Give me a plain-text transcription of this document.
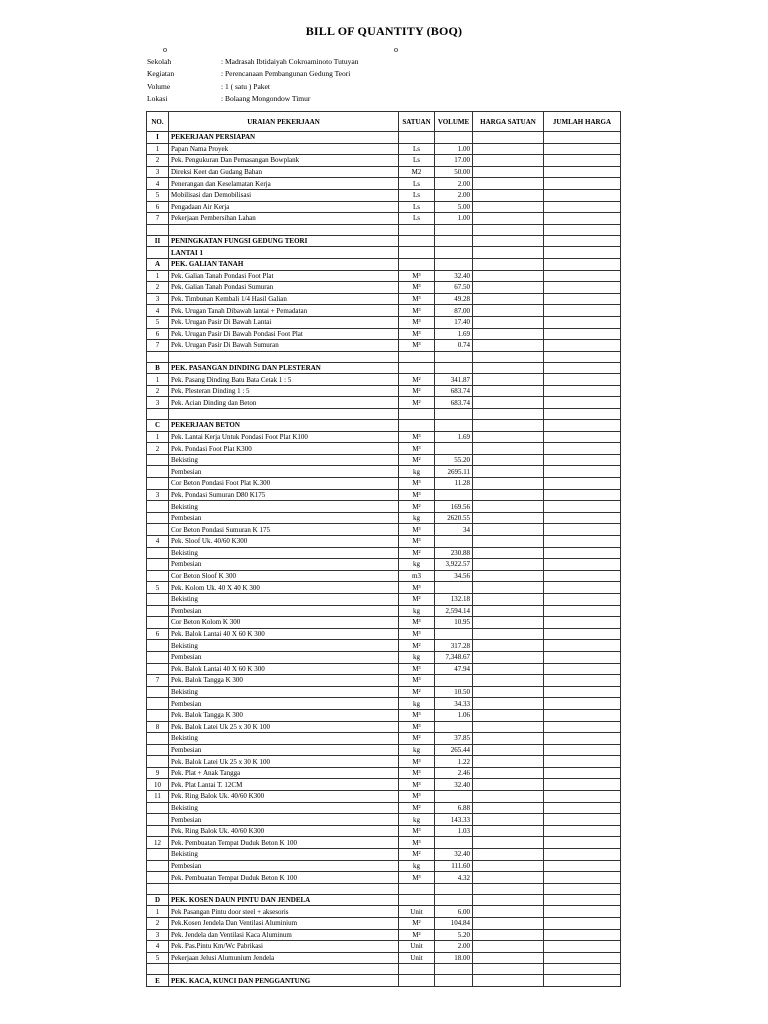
BILL OF QUANTITY (BOQ)
o	o
Sekolah	: Madrasah Ibtidaiyah Cokroaminoto Tutuyan
Kegiatan	: Perencanaan Pembangunan Gedung Teori
Volume	: 1 ( satu ) Paket
Lokasi	: Bolaang Mongondow Timur
NO.	URAIAN PEKERJAAN	SATUAN	VOLUME	HARGA SATUAN	JUMLAH HARGA
I	PEKERJAAN PERSIAPAN				
1	Papan Nama Proyek	Ls	1.00		
2	Pek. Pengukuran Dan Pemasangan Bowplank	Ls	17.00		
3	Direksi Keet dan Gudang Bahan	M2	50.00		
4	Penerangan dan Keselamatan Kerja	Ls	2.00		
5	Mobilisasi dan Demobilisasi	Ls	2.00		
6	Pengadaan Air Kerja	Ls	5.00		
7	Pekerjaan Pembersihan Lahan	Ls	1.00		

II	PENINGKATAN FUNGSI GEDUNG TEORI				
	LANTAI 1				
A	PEK. GALIAN TANAH				
1	Pek. Galian Tanah Pondasi Foot Plat	M³	32.40		
2	Pek. Galian Tanah Pondasi Sumuran	M³	67.50		
3	Pek. Timbunan Kembali 1/4 Hasil Galian	M³	49.28		
4	Pek. Urugan Tanah Dibawah lantai + Pemadatan	M³	87.00		
5	Pek. Urugan Pasir Di Bawah Lantai	M³	17.40		
6	Pek. Urugan Pasir Di Bawah Pondasi Foot Plat	M³	1.69		
7	Pek. Urugan Pasir Di Bawah Sumuran	M³	0.74		

B	PEK. PASANGAN DINDING DAN PLESTERAN				
1	Pek. Pasang Dinding Batu Bata Cetak 1 : 5	M²	341.87		
2	Pek. Plesteran Dinding 1 : 5	M²	683.74		
3	Pek. Acian Dinding dan Beton	M²	683.74		

C	PEKERJAAN BETON				
1	Pek. Lantai Kerja Untuk Pondasi Foot Plat K100	M³	1.69		
2	Pek. Pondasi Foot Plat K300	M³			
	Bekisting	M²	55.20		
	Pembesian	kg	2695.11		
	Cor Beton Pondasi Foot Plat K.300	M³	11.28		
3	Pek. Pondasi Sumuran D80 K175	M³			
	Bekisting	M²	169.56		
	Pembesian	kg	2620.55		
	Cor Beton Pondasi Sumuran K 175	M³	34		
4	Pek. Sloof Uk. 40/60 K300	M³			
	Bekisting	M²	230.88		
	Pembesian	kg	3,922.57		
	Cor Beton Sloof K 300	m3	34.56		
5	Pek. Kolom Uk. 40 X 40 K 300	M³			
	Bekisting	M²	132.18		
	Pembesian	kg	2,594.14		
	Cor Beton Kolom K 300	M³	10.95		
6	Pek. Balok Lantai 40 X 60 K 300	M³			
	Bekisting	M²	317.28		
	Pembesian	kg	7,348.67		
	Pek. Balok Lantai 40 X 60 K 300	M³	47.94		
7	Pek. Balok Tangga K 300	M³			
	Bekisting	M²	10.50		
	Pembesian	kg	34.33		
	Pek. Balok Tangga K 300	M³	1.06		
8	Pek. Balok Latei Uk 25 x 30 K 100	M³			
	Bekisting	M²	37.85		
	Pembesian	kg	265.44		
	Pek. Balok Latei Uk 25 x 30 K 100	M³	1.22		
9	Pek. Plat + Anak Tangga	M³	2.46		
10	Pek. Plat Lantai T. 12CM	M³	32.40		
11	Pek. Ring Balok Uk. 40/60 K300	M³			
	Bekisting	M²	6.88		
	Pembesian	kg	143.33		
	Pek. Ring Balok Uk. 40/60 K300	M³	1.03		
12	Pek. Pembuatan Tempat Duduk Beton K 100	M³			
	Bekisting	M²	32.40		
	Pembesian	kg	111.60		
	Pek. Pembuatan Tempat Duduk Beton K 100	M³	4.32		

D	PEK. KOSEN DAUN PINTU DAN JENDELA				
1	Pek Pasangan Pintu door steel + aksesoris	Unit	6.00		
2	Pek.Kosen Jendela Dan Ventilasi Aluminium	M²	104.84		
3	Pek. Jendela dan Ventilasi Kaca Aluminum	M²	5.20		
4	Pek. Pas.Pintu Km/Wc Pabrikasi	Unit	2.00		
5	Pekerjaan Jelusi Alumunium Jendela	Unit	18.00		

E	PEK. KACA, KUNCI DAN PENGGANTUNG				
